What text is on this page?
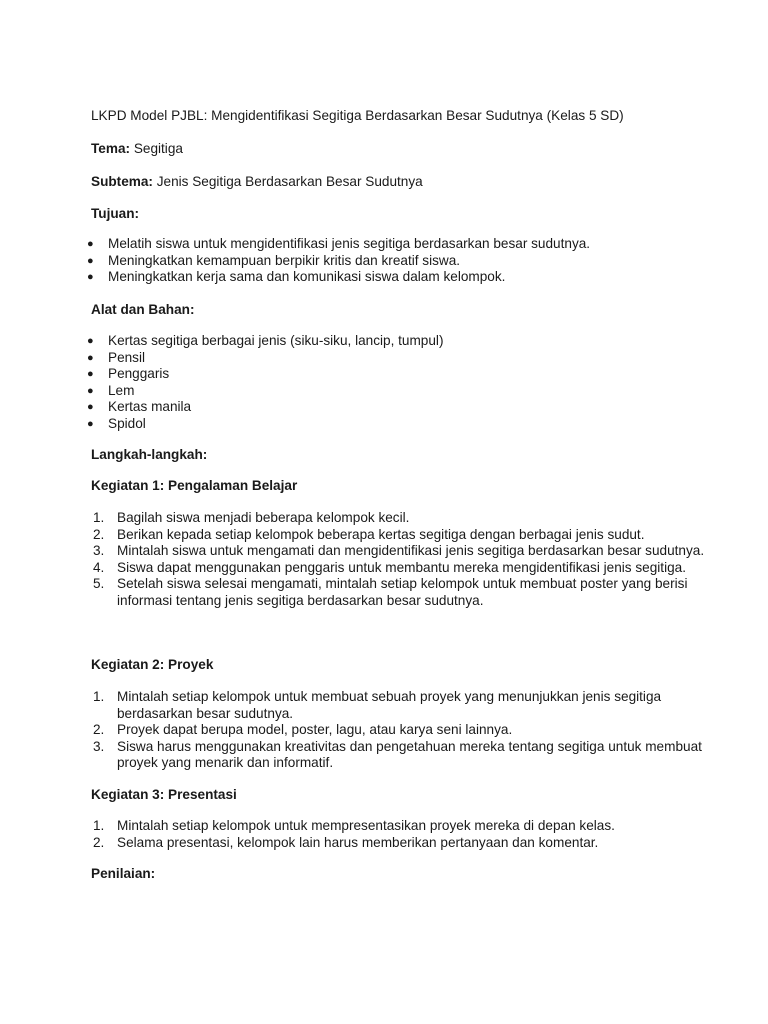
LKPD Model PJBL: Mengidentifikasi Segitiga Berdasarkan Besar Sudutnya (Kelas 5 SD)

Tema: Segitiga

Subtema: Jenis Segitiga Berdasarkan Besar Sudutnya

Tujuan:

● Melatih siswa untuk mengidentifikasi jenis segitiga berdasarkan besar sudutnya.
● Meningkatkan kemampuan berpikir kritis dan kreatif siswa.
● Meningkatkan kerja sama dan komunikasi siswa dalam kelompok.

Alat dan Bahan:

● Kertas segitiga berbagai jenis (siku-siku, lancip, tumpul)
● Pensil
● Penggaris
● Lem
● Kertas manila
● Spidol

Langkah-langkah:

Kegiatan 1: Pengalaman Belajar

1. Bagilah siswa menjadi beberapa kelompok kecil.
2. Berikan kepada setiap kelompok beberapa kertas segitiga dengan berbagai jenis sudut.
3. Mintalah siswa untuk mengamati dan mengidentifikasi jenis segitiga berdasarkan besar sudutnya.
4. Siswa dapat menggunakan penggaris untuk membantu mereka mengidentifikasi jenis segitiga.
5. Setelah siswa selesai mengamati, mintalah setiap kelompok untuk membuat poster yang berisi informasi tentang jenis segitiga berdasarkan besar sudutnya.

Kegiatan 2: Proyek

1. Mintalah setiap kelompok untuk membuat sebuah proyek yang menunjukkan jenis segitiga berdasarkan besar sudutnya.
2. Proyek dapat berupa model, poster, lagu, atau karya seni lainnya.
3. Siswa harus menggunakan kreativitas dan pengetahuan mereka tentang segitiga untuk membuat proyek yang menarik dan informatif.

Kegiatan 3: Presentasi

1. Mintalah setiap kelompok untuk mempresentasikan proyek mereka di depan kelas.
2. Selama presentasi, kelompok lain harus memberikan pertanyaan dan komentar.

Penilaian:
